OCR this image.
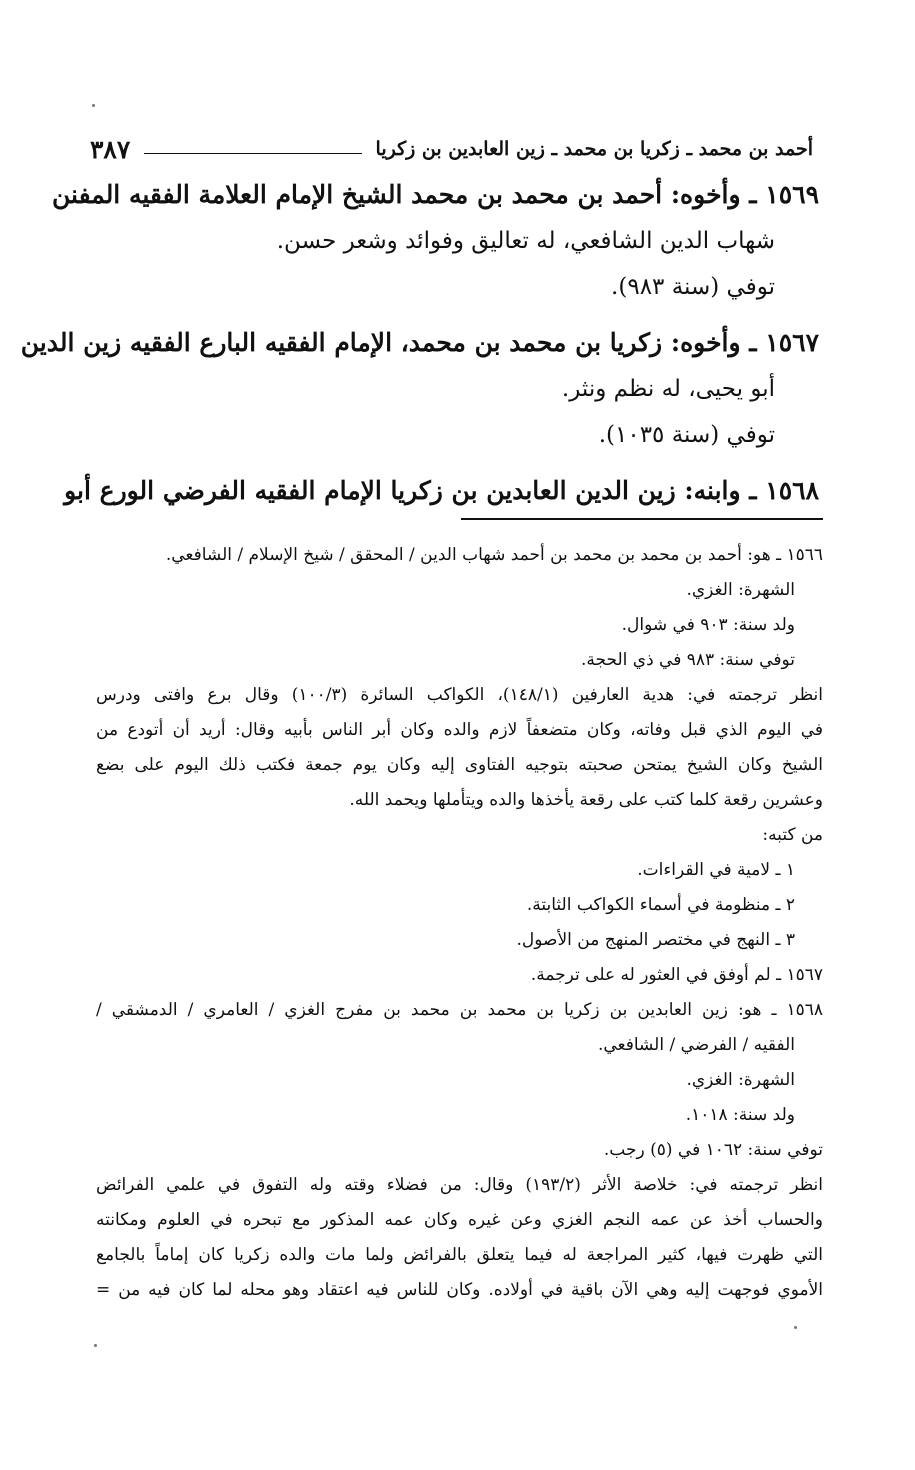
أحمد بن محمد ـ زكريا بن محمد ـ زين العابدين بن زكريا
٣٨٧
١٥٦٩ ـ وأخوه: أحمد بن محمد بن محمد الشيخ الإمام العلامة الفقيه المفنن
شهاب الدين الشافعي، له تعاليق وفوائد وشعر حسن.
توفي (سنة ٩٨٣).
١٥٦٧ ـ وأخوه: زكريا بن محمد بن محمد، الإمام الفقيه البارع الفقيه زين الدين
أبو يحيى، له نظم ونثر.
توفي (سنة ١٠٣٥).
١٥٦٨ ـ وابنه: زين الدين العابدين بن زكريا الإمام الفقيه الفرضي الورع أبو
١٥٦٦ ـ هو: أحمد بن محمد بن محمد بن أحمد شهاب الدين / المحقق / شيخ الإسلام / الشافعي.
الشهرة: الغزي.
ولد سنة: ٩٠٣ في شوال.
توفي سنة: ٩٨٣ في ذي الحجة.
انظر ترجمته في: هدية العارفين (١٤٨/١)، الكواكب السائرة (١٠٠/٣) وقال برع وافتى ودرس
في اليوم الذي قبل وفاته، وكان متضعفاً لازم والده وكان أبر الناس بأبيه وقال: أريد أن أتودع من
الشيخ وكان الشيخ يمتحن صحبته بتوجيه الفتاوى إليه وكان يوم جمعة فكتب ذلك اليوم على بضع
وعشرين رقعة كلما كتب على رقعة يأخذها والده ويتأملها ويحمد الله.
من كتبه:
١ ـ لامية في القراءات.
٢ ـ منظومة في أسماء الكواكب الثابتة.
٣ ـ النهج في مختصر المنهج من الأصول.
١٥٦٧ ـ لم أوفق في العثور له على ترجمة.
١٥٦٨ ـ هو: زين العابدين بن زكريا بن محمد بن محمد بن مفرج الغزي / العامري / الدمشقي /
الفقيه / الفرضي / الشافعي.
الشهرة: الغزي.
ولد سنة: ١٠١٨.
توفي سنة: ١٠٦٢ في (٥) رجب.
انظر ترجمته في: خلاصة الأثر (١٩٣/٢) وقال: من فضلاء وقته وله التفوق في علمي الفرائض
والحساب أخذ عن عمه النجم الغزي وعن غيره وكان عمه المذكور مع تبحره في العلوم ومكانته
التي ظهرت فيها، كثير المراجعة له فيما يتعلق بالفرائض ولما مات والده زكريا كان إماماً بالجامع
الأموي فوجهت إليه وهي الآن باقية في أولاده. وكان للناس فيه اعتقاد وهو محله لما كان فيه من =
